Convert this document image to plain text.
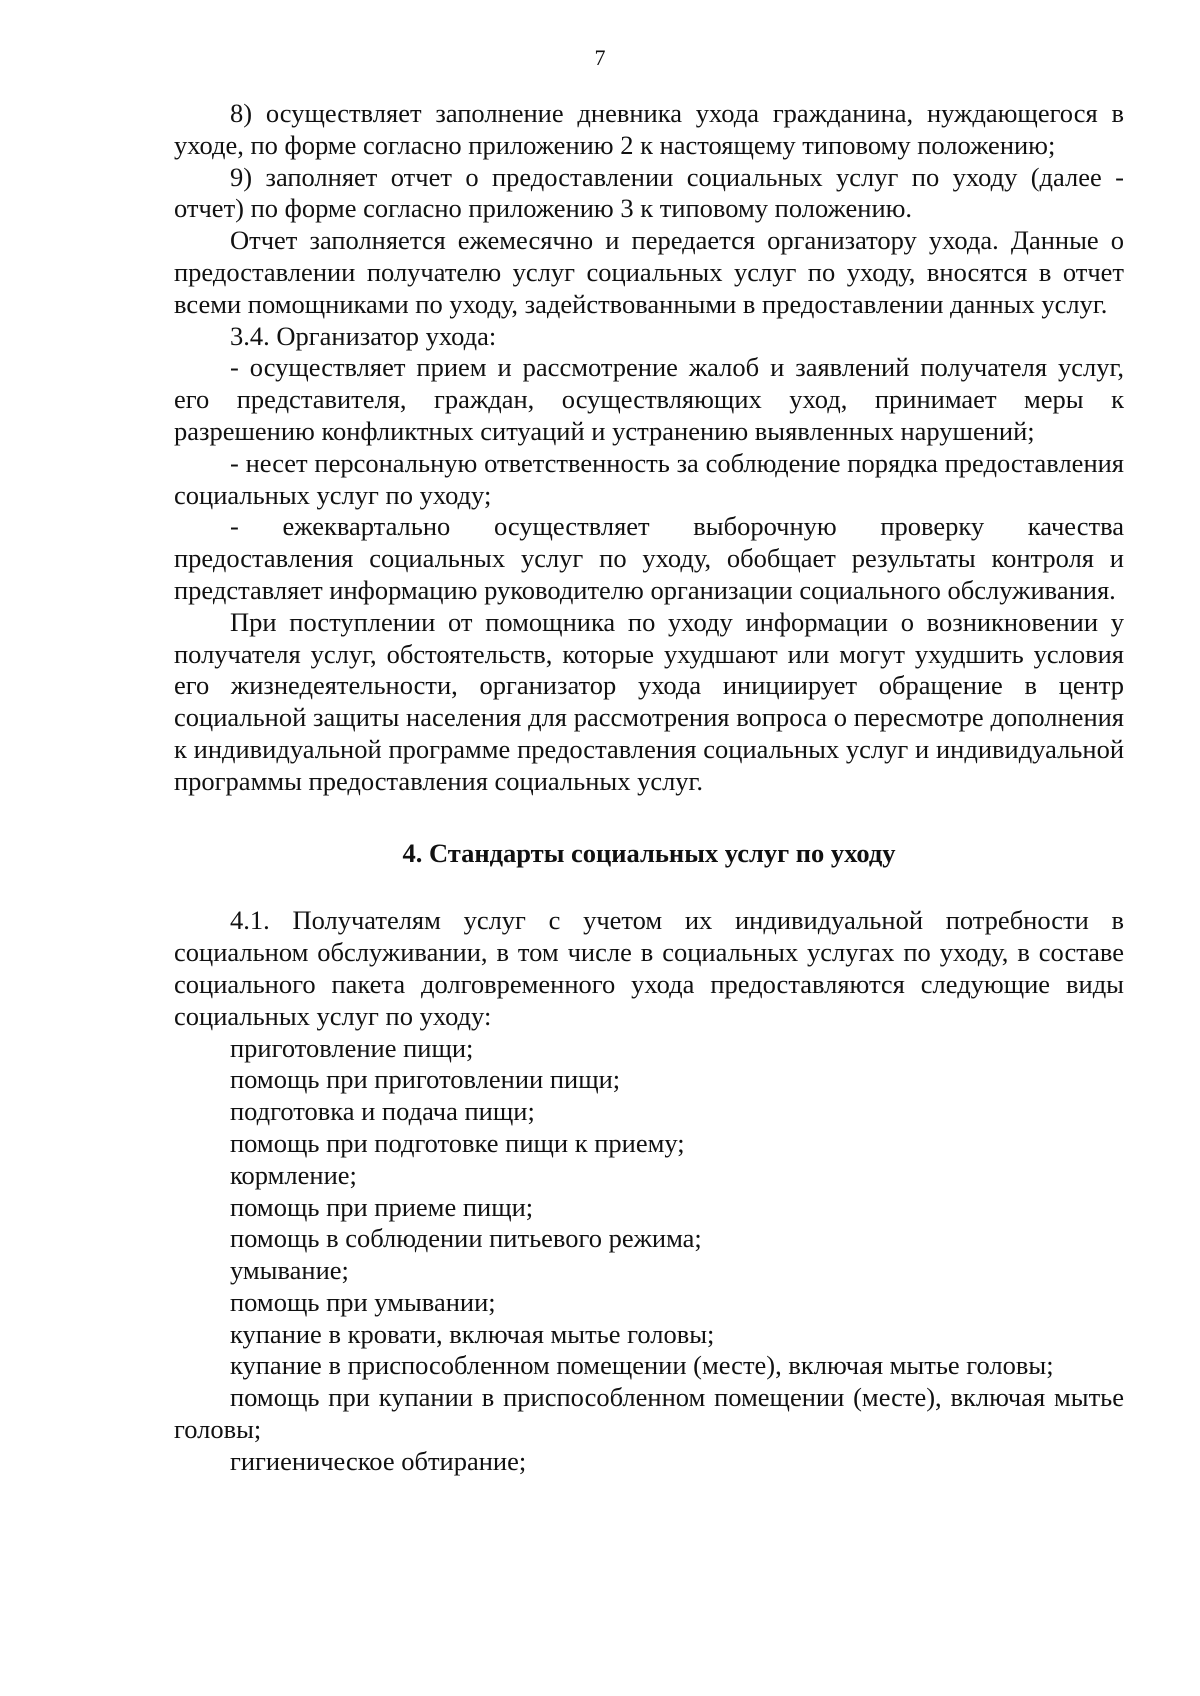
7

8) осуществляет заполнение дневника ухода гражданина, нуждающегося в уходе, по форме согласно приложению 2 к настоящему типовому положению;

9) заполняет отчет о предоставлении социальных услуг по уходу (далее - отчет) по форме согласно приложению 3 к типовому положению.

Отчет заполняется ежемесячно и передается организатору ухода. Данные о предоставлении получателю услуг социальных услуг по уходу, вносятся в отчет всеми помощниками по уходу, задействованными в предоставлении данных услуг.

3.4. Организатор ухода:

- осуществляет прием и рассмотрение жалоб и заявлений получателя услуг, его представителя, граждан, осуществляющих уход, принимает меры к разрешению конфликтных ситуаций и устранению выявленных нарушений;

- несет персональную ответственность за соблюдение порядка предоставления социальных услуг по уходу;

- ежеквартально осуществляет выборочную проверку качества предоставления социальных услуг по уходу, обобщает результаты контроля и представляет информацию руководителю организации социального обслуживания.

При поступлении от помощника по уходу информации о возникновении у получателя услуг, обстоятельств, которые ухудшают или могут ухудшить условия его жизнедеятельности, организатор ухода инициирует обращение в центр социальной защиты населения для рассмотрения вопроса о пересмотре дополнения к индивидуальной программе предоставления социальных услуг и индивидуальной программы предоставления социальных услуг.

4. Стандарты социальных услуг по уходу

4.1. Получателям услуг с учетом их индивидуальной потребности в социальном обслуживании, в том числе в социальных услугах по уходу, в составе социального пакета долговременного ухода предоставляются следующие виды социальных услуг по уходу:

приготовление пищи;
помощь при приготовлении пищи;
подготовка и подача пищи;
помощь при подготовке пищи к приему;
кормление;
помощь при приеме пищи;
помощь в соблюдении питьевого режима;
умывание;
помощь при умывании;
купание в кровати, включая мытье головы;
купание в приспособленном помещении (месте), включая мытье головы;
помощь при купании в приспособленном помещении (месте), включая мытье головы;
гигиеническое обтирание;
